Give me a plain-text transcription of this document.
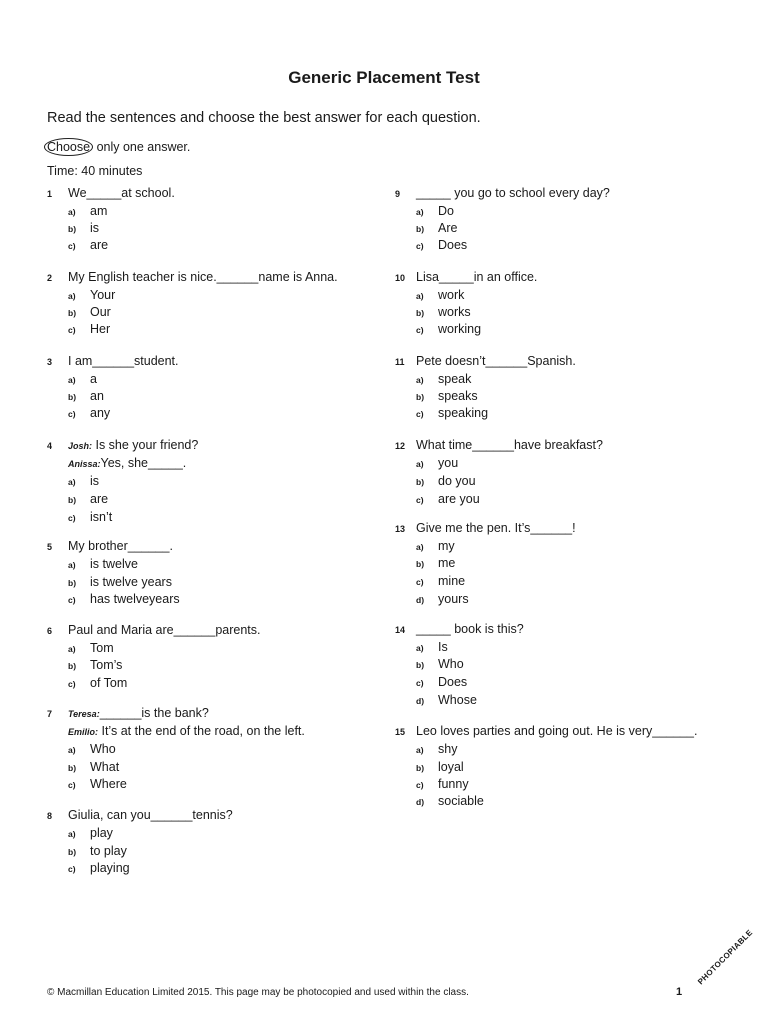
Generic Placement Test
Read the sentences and choose the best answer for each question.
Choose only one answer.
Time: 40 minutes
1 We_____at school.
a) am
b) is
c) are
2 My English teacher is nice.______name is Anna.
a) Your
b) Our
c) Her
3 I am______student.
a) a
b) an
c) any
4 Josh: Is she your friend?
Anissa:Yes, she_____.
a) is
b) are
c) isn’t
5 My brother______.
a) is twelve
b) is twelve years
c) has twelveyears
6 Paul and Maria are______parents.
a) Tom
b) Tom’s
c) of Tom
7 Teresa:______is the bank?
Emilio: It’s at the end of the road, on the left.
a) Who
b) What
c) Where
8 Giulia, can you______tennis?
a) play
b) to play
c) playing
9 _____ you go to school every day?
a) Do
b) Are
c) Does
10 Lisa_____in an office.
a) work
b) works
c) working
11 Pete doesn’t______Spanish.
a) speak
b) speaks
c) speaking
12 What time______have breakfast?
a) you
b) do you
c) are you
13 Give me the pen. It’s______!
a) my
b) me
c) mine
d) yours
14 _____ book is this?
a) Is
b) Who
c) Does
d) Whose
15 Leo loves parties and going out. He is very______.
a) shy
b) loyal
c) funny
d) sociable
© Macmillan Education Limited 2015. This page may be photocopied and used within the class.	1
PHOTOCOPIABLE
